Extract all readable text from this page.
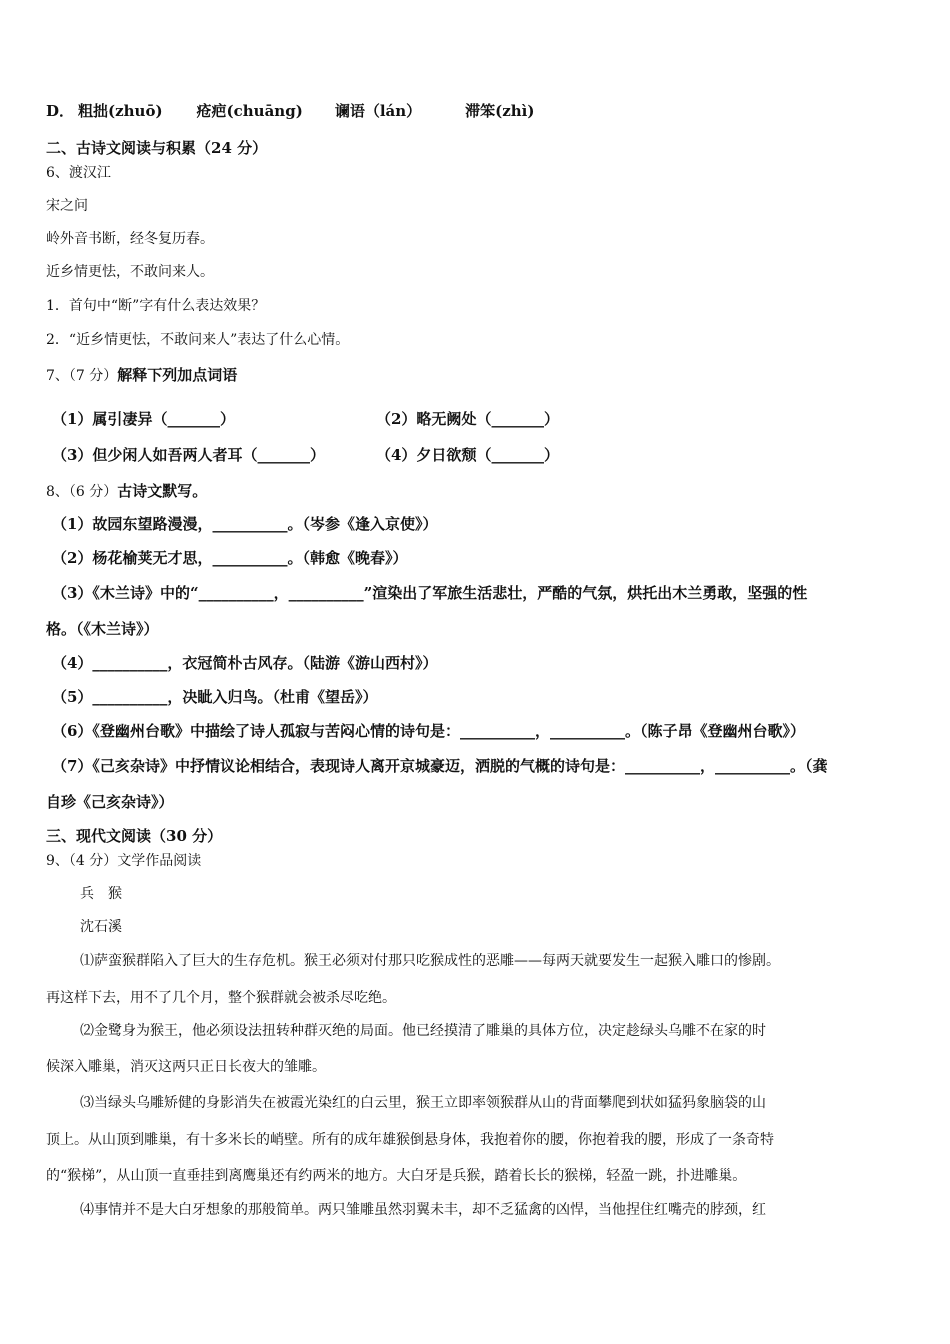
D． 粗拙(zhuō) 疮疤(chuāng) 谰语（lán）	滞笨(zhì)
二、古诗文阅读与积累（24 分）
6、渡汉江
宋之问
岭外音书断，经冬复历春。
近乡情更怯，不敢问来人。
1．首句中“断”字有什么表达效果？
2．“近乡情更怯，不敢问来人”表达了什么心情。
7、（7 分）解释下列加点词语
（1）属引凄异（_______）	（2）略无阙处（_______）
（3）但少闲人如吾两人者耳（_______）	（4）夕日欲颓（_______）
8、（6 分）古诗文默写。
（1）故园东望路漫漫，__________。（岑参《逢入京使》）
（2）杨花榆荚无才思，__________。（韩愈《晚春》）
（3）《木兰诗》中的“__________，__________”渲染出了军旅生活悲壮，严酷的气氛，烘托出木兰勇敢，坚强的性
格。（《木兰诗》）
（4）__________，衣冠简朴古风存。（陆游《游山西村》）
（5）__________，决眦入归鸟。（杜甫《望岳》）
（6）《登幽州台歌》中描绘了诗人孤寂与苦闷心情的诗句是：__________，__________。（陈子昂《登幽州台歌》）
（7）《己亥杂诗》中抒情议论相结合，表现诗人离开京城豪迈，洒脱的气概的诗句是：__________，__________。（龚
自珍《己亥杂诗》）
三、现代文阅读（30 分）
9、（4 分）文学作品阅读
兵　猴
沈石溪
⑴萨蛮猴群陷入了巨大的生存危机。猴王必须对付那只吃猴成性的恶雕——每两天就要发生一起猴入雕口的惨剧。
再这样下去，用不了几个月，整个猴群就会被杀尽吃绝。
⑵金鹭身为猴王，他必须设法扭转种群灭绝的局面。他已经摸清了雕巢的具体方位，决定趁绿头乌雕不在家的时
候深入雕巢，消灭这两只正日长夜大的雏雕。
⑶当绿头乌雕矫健的身影消失在被霞光染红的白云里，猴王立即率领猴群从山的背面攀爬到状如猛犸象脑袋的山
顶上。从山顶到雕巢，有十多米长的峭壁。所有的成年雄猴倒悬身体，我抱着你的腰，你抱着我的腰，形成了一条奇特
的“猴梯”，从山顶一直垂挂到离鹰巢还有约两米的地方。大白牙是兵猴，踏着长长的猴梯，轻盈一跳，扑进雕巢。
⑷事情并不是大白牙想象的那般简单。两只雏雕虽然羽翼未丰，却不乏猛禽的凶悍，当他捏住红嘴壳的脖颈，红
